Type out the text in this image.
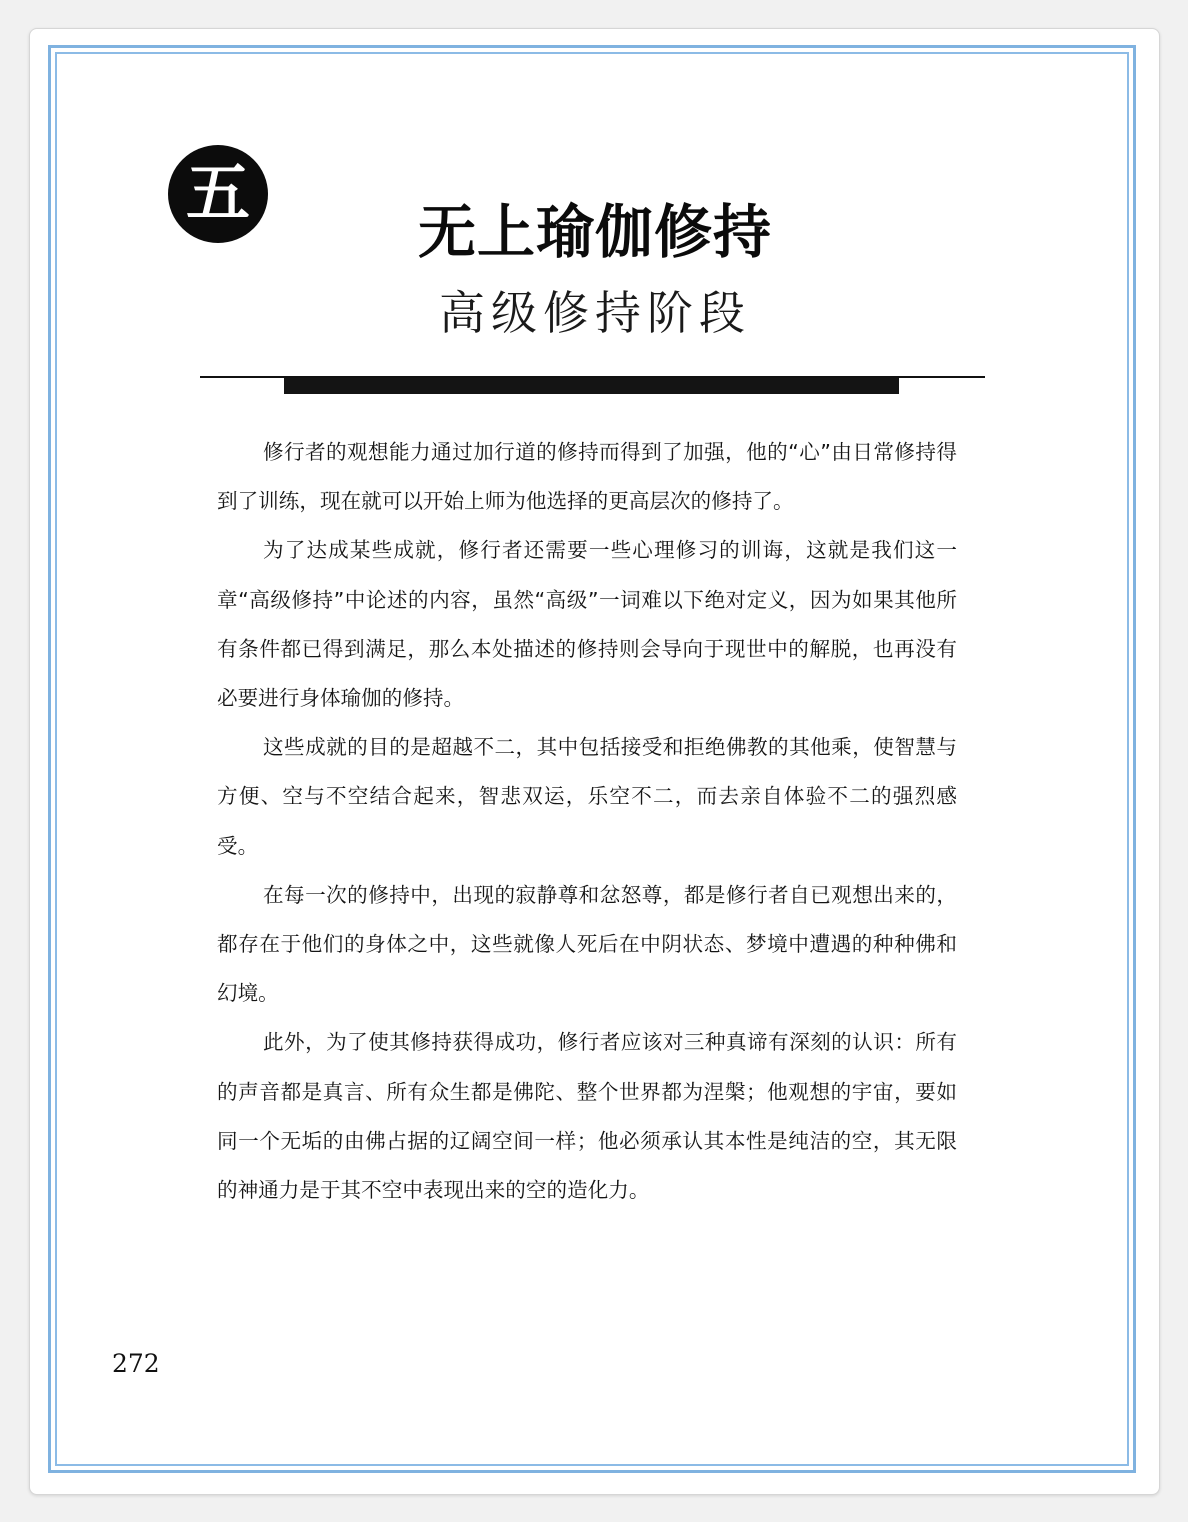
五
无上瑜伽修持
高级修持阶段

修行者的观想能力通过加行道的修持而得到了加强，他的“心”由日常修持得到了训练，现在就可以开始上师为他选择的更高层次的修持了。

为了达成某些成就，修行者还需要一些心理修习的训诲，这就是我们这一章“高级修持”中论述的内容，虽然“高级”一词难以下绝对定义，因为如果其他所有条件都已得到满足，那么本处描述的修持则会导向于现世中的解脱，也再没有必要进行身体瑜伽的修持。

这些成就的目的是超越不二，其中包括接受和拒绝佛教的其他乘，使智慧与方便、空与不空结合起来，智悲双运，乐空不二，而去亲自体验不二的强烈感受。

在每一次的修持中，出现的寂静尊和忿怒尊，都是修行者自已观想出来的，都存在于他们的身体之中，这些就像人死后在中阴状态、梦境中遭遇的种种佛和幻境。

此外，为了使其修持获得成功，修行者应该对三种真谛有深刻的认识：所有的声音都是真言、所有众生都是佛陀、整个世界都为涅槃；他观想的宇宙，要如同一个无垢的由佛占据的辽阔空间一样；他必须承认其本性是纯洁的空，其无限的神通力是于其不空中表现出来的空的造化力。

272
